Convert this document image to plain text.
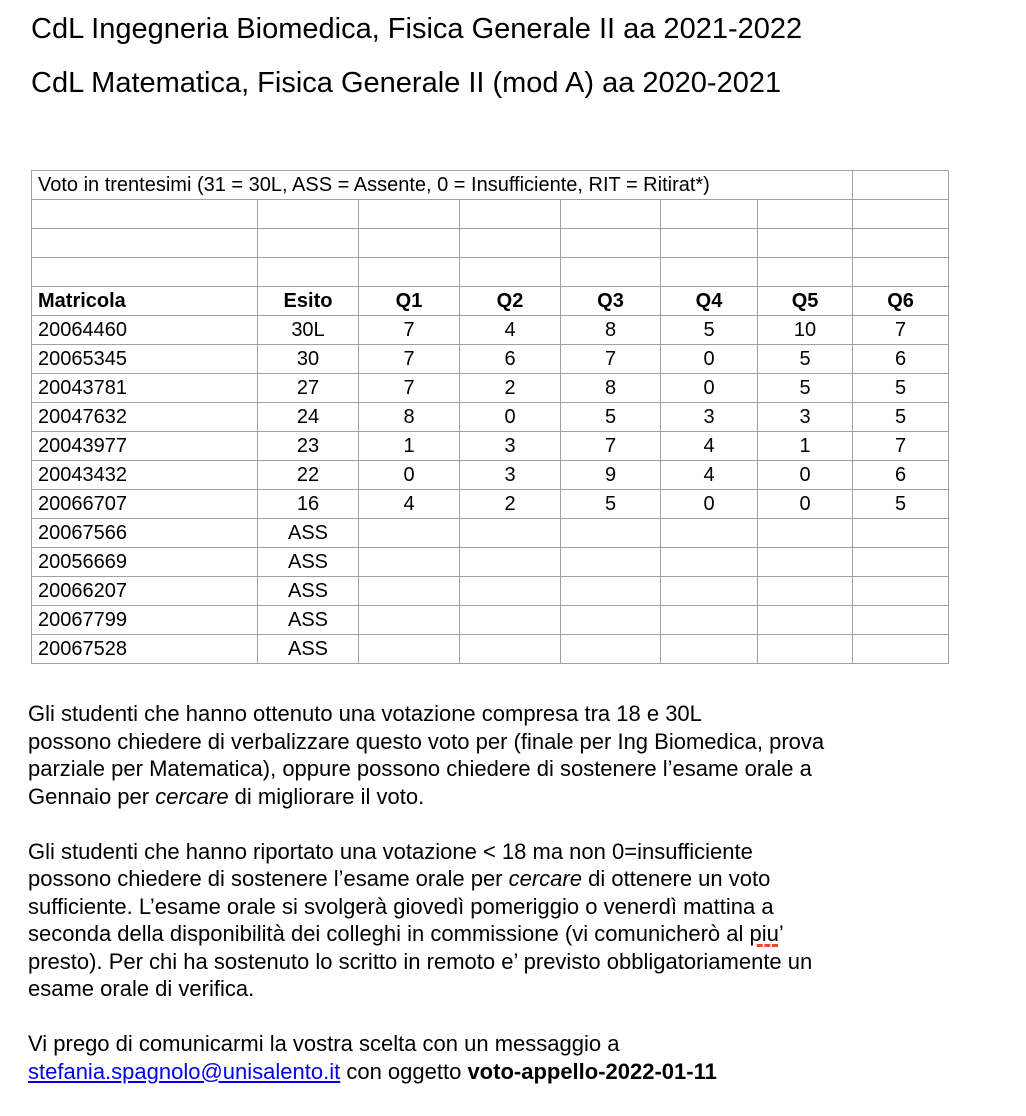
CdL Ingegneria Biomedica, Fisica Generale II aa 2021-2022
CdL Matematica, Fisica Generale II (mod A) aa 2020-2021
Voto in trentesimi (31 = 30L, ASS = Assente, 0 = Insufficiente, RIT = Ritirat*)							

Matricola	Esito	Q1	Q2	Q3	Q4	Q5	Q6
20064460	30L	7	4	8	5	10	7
20065345	30	7	6	7	0	5	6
20043781	27	7	2	8	0	5	5
20047632	24	8	0	5	3	3	5
20043977	23	1	3	7	4	1	7
20043432	22	0	3	9	4	0	6
20066707	16	4	2	5	0	0	5
20067566	ASS						
20056669	ASS						
20066207	ASS						
20067799	ASS						
20067528	ASS						
Gli studenti che hanno ottenuto una votazione compresa tra 18 e 30L
possono chiedere di verbalizzare questo voto per (finale per Ing Biomedica, prova
parziale per Matematica), oppure possono chiedere di sostenere l’esame orale a
Gennaio per cercare di migliorare il voto.
Gli studenti che hanno riportato una votazione < 18 ma non 0=insufficiente
possono chiedere di sostenere l’esame orale per cercare di ottenere un voto
sufficiente. L’esame orale si svolgerà giovedì pomeriggio o venerdì mattina a
seconda della disponibilità dei colleghi in commissione (vi comunicherò al piu’
presto). Per chi ha sostenuto lo scritto in remoto e’ previsto obbligatoriamente un
esame orale di verifica.
Vi prego di comunicarmi la vostra scelta con un messaggio a
stefania.spagnolo@unisalento.it con oggetto voto-appello-2022-01-11
